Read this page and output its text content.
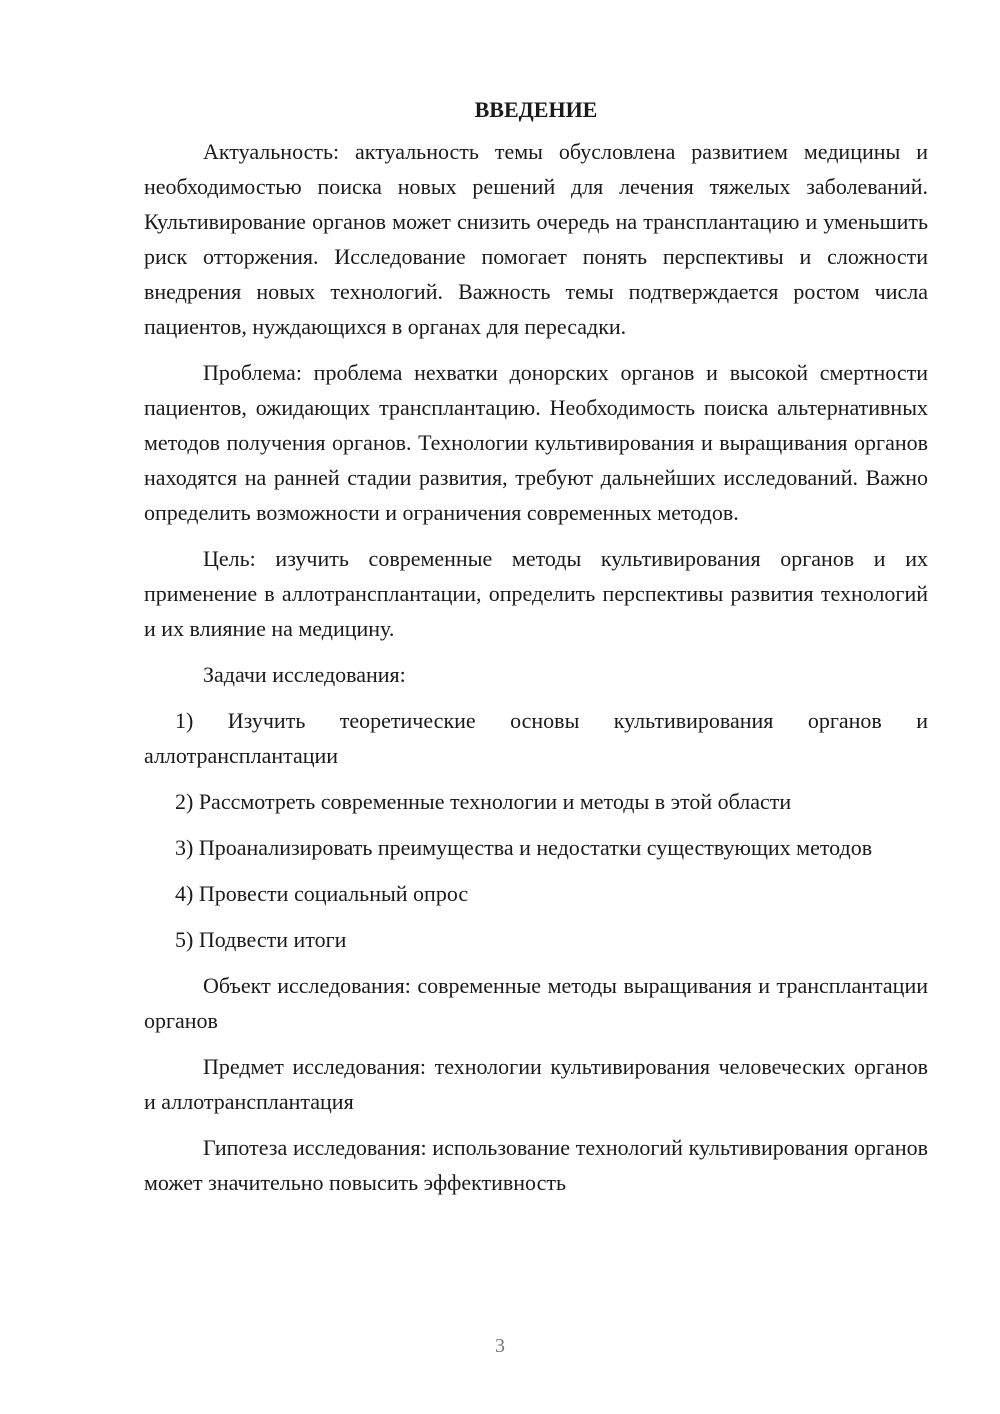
ВВЕДЕНИЕ

Актуальность: актуальность темы обусловлена развитием медицины и необходимостью поиска новых решений для лечения тяжелых заболеваний. Культивирование органов может снизить очередь на трансплантацию и уменьшить риск отторжения. Исследование помогает понять перспективы и сложности внедрения новых технологий. Важность темы подтверждается ростом числа пациентов, нуждающихся в органах для пересадки.

Проблема: проблема нехватки донорских органов и высокой смертности пациентов, ожидающих трансплантацию. Необходимость поиска альтернативных методов получения органов. Технологии культивирования и выращивания органов находятся на ранней стадии развития, требуют дальнейших исследований. Важно определить возможности и ограничения современных методов.

Цель: изучить современные методы культивирования органов и их применение в аллотрансплантации, определить перспективы развития технологий и их влияние на медицину.

Задачи исследования:

1) Изучить теоретические основы культивирования органов и аллотрансплантации

2) Рассмотреть современные технологии и методы в этой области

3) Проанализировать преимущества и недостатки существующих методов

4) Провести социальный опрос

5) Подвести итоги

Объект исследования: современные методы выращивания и трансплантации органов

Предмет исследования: технологии культивирования человеческих органов и аллотрансплантация

Гипотеза исследования: использование технологий культивирования органов может значительно повысить эффективность

3
